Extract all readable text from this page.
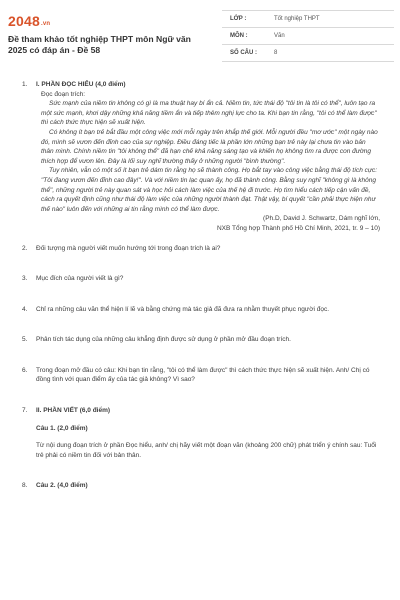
2048.vn
Đề tham khảo tốt nghiệp THPT môn Ngữ văn 2025 có đáp án - Đề 58
LỚP :	Tốt nghiệp THPT
MÔN :	Văn
SỐ CÂU :	8
1. I. PHẦN ĐỌC HIỂU (4,0 điểm)

Đọc đoạn trích:

Sức mạnh của niềm tin không có gì là ma thuật hay bí ẩn cả. Niềm tin, tức thái độ "tôi tin là tôi có thể", luôn tạo ra một sức mạnh, khơi dậy những khả năng tiềm ẩn và tiếp thêm nghị lực cho ta. Khi bạn tin rằng, "tôi có thể làm được" thì cách thức thực hiện sẽ xuất hiện.

Có không ít bạn trẻ bắt đầu một công việc mới mỗi ngày trên khắp thế giới. Mỗi người đều "mơ ước" một ngày nào đó, mình sẽ vươn đến đỉnh cao của sự nghiệp. Điều đáng tiếc là phần lớn những bạn trẻ này lại chưa tin vào bản thân mình. Chính niềm tin "tôi không thể" đã hạn chế khả năng sáng tạo và khiến họ không tìm ra được con đường thích hợp để vươn lên. Đây là lối suy nghĩ thường thấy ở những người "bình thường".

Tuy nhiên, vẫn có một số ít bạn trẻ dám tin rằng họ sẽ thành công. Họ bắt tay vào công việc bằng thái độ tích cực: "Tôi đang vươn đến đỉnh cao đây!". Và với niềm tin lạc quan ấy, họ đã thành công. Bằng suy nghĩ "không gì là không thể", những người trẻ này quan sát và học hỏi cách làm việc của thế hệ đi trước. Họ tìm hiểu cách tiếp cận vấn đề, cách ra quyết định cũng như thái độ làm việc của những người thành đạt. Thật vậy, bí quyết "cần phải thực hiện như thế nào" luôn đến với những ai tin rằng mình có thể làm được.

(Ph.D, David J. Schwartz, Dám nghĩ lớn,

NXB Tổng hợp Thành phố Hồ Chí Minh, 2021, tr. 9 – 10)

2. Đối tượng mà người viết muốn hướng tới trong đoạn trích là ai?

3. Mục đích của người viết là gì?

4. Chỉ ra những câu văn thể hiện lí lẽ và bằng chứng mà tác giả đã đưa ra nhằm thuyết phục người đọc.

5. Phân tích tác dụng của những câu khẳng định được sử dụng ở phần mở đầu đoạn trích.

6. Trong đoạn mở đầu có câu: Khi bạn tin rằng, "tôi có thể làm được" thì cách thức thực hiện sẽ xuất hiện. Anh/ Chị có đồng tình với quan điểm ấy của tác giả không? Vì sao?

7. II. PHẦN VIẾT (6,0 điểm)

Câu 1. (2,0 điểm)

Từ nội dung đoạn trích ở phần Đọc hiểu, anh/ chị hãy viết một đoạn văn (khoảng 200 chữ) phát triển ý chính sau: Tuổi trẻ phải có niềm tin đối với bản thân.

8. Câu 2. (4,0 điểm)
